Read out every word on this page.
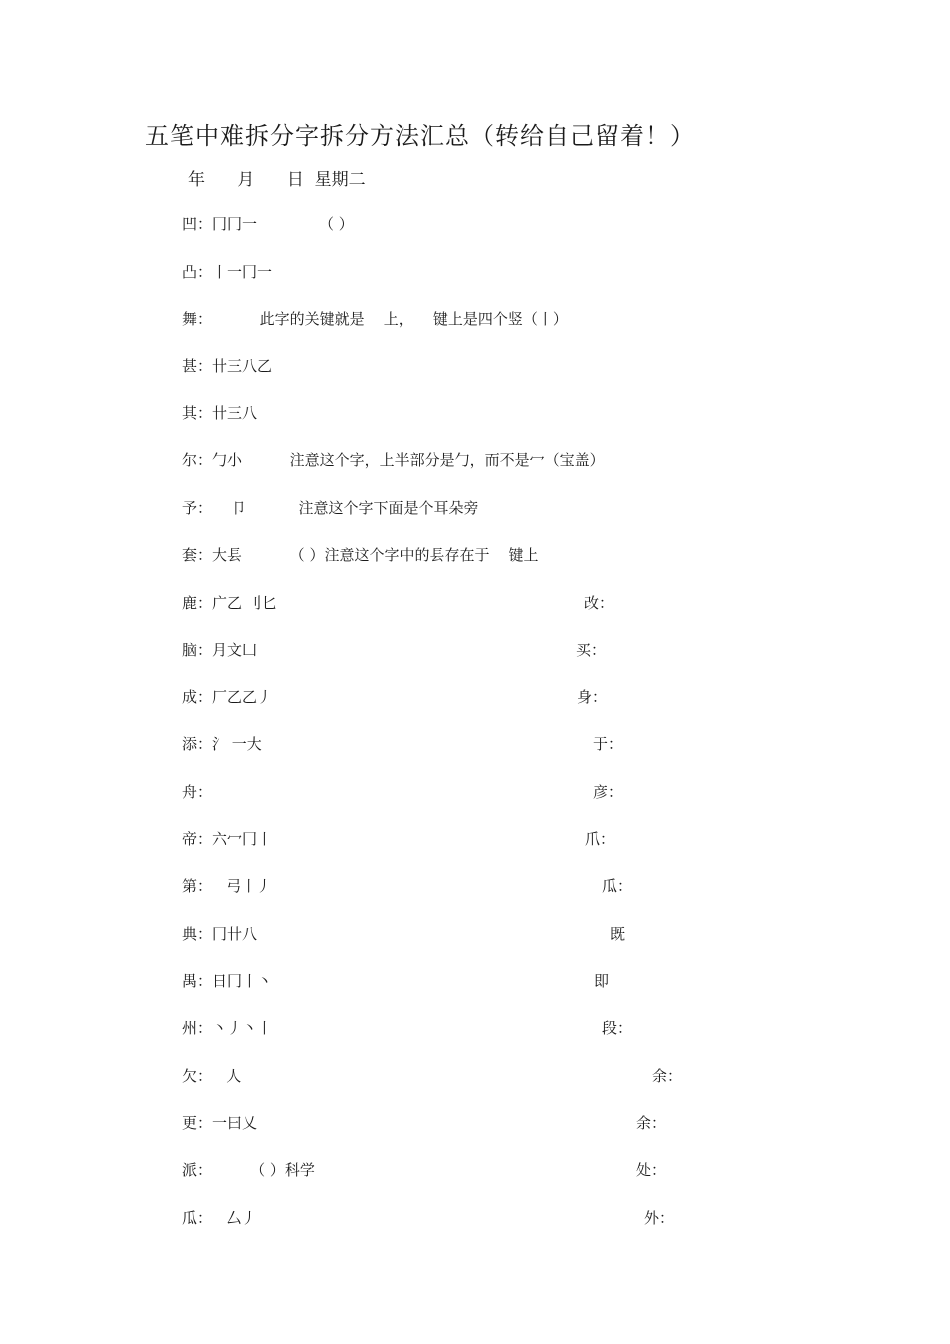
五笔中难拆分字拆分方法汇总（转给自己留着！）
年      月      日  星期二
凹：冂冂一             （ ）
凸：丨一冂一
舞：          此字的关键就是    上，    键上是四个竖（丨）
甚：卄三八乙
其：卄三八
尔：勹小          注意这个字，上半部分是勹，而不是冖（宝盖）
予：    卩           注意这个字下面是个耳朵旁
套：大镸          （ ）注意这个字中的镸存在于    键上
鹿：广乙 刂匕
脑：月文凵
成：厂乙乙丿
添：氵 一大
舟：
帝：六冖冂丨
第：   弓丨丿
典：冂卄八
禺：日冂丨丶
州：丶丿丶丨
欠：   人
更：一曰乂
派：        （ ）科学
瓜：   厶丿
改：
买：
身：
于：
彦：
爪：
瓜：
既
即
段：
余：
余：
处：
外：
